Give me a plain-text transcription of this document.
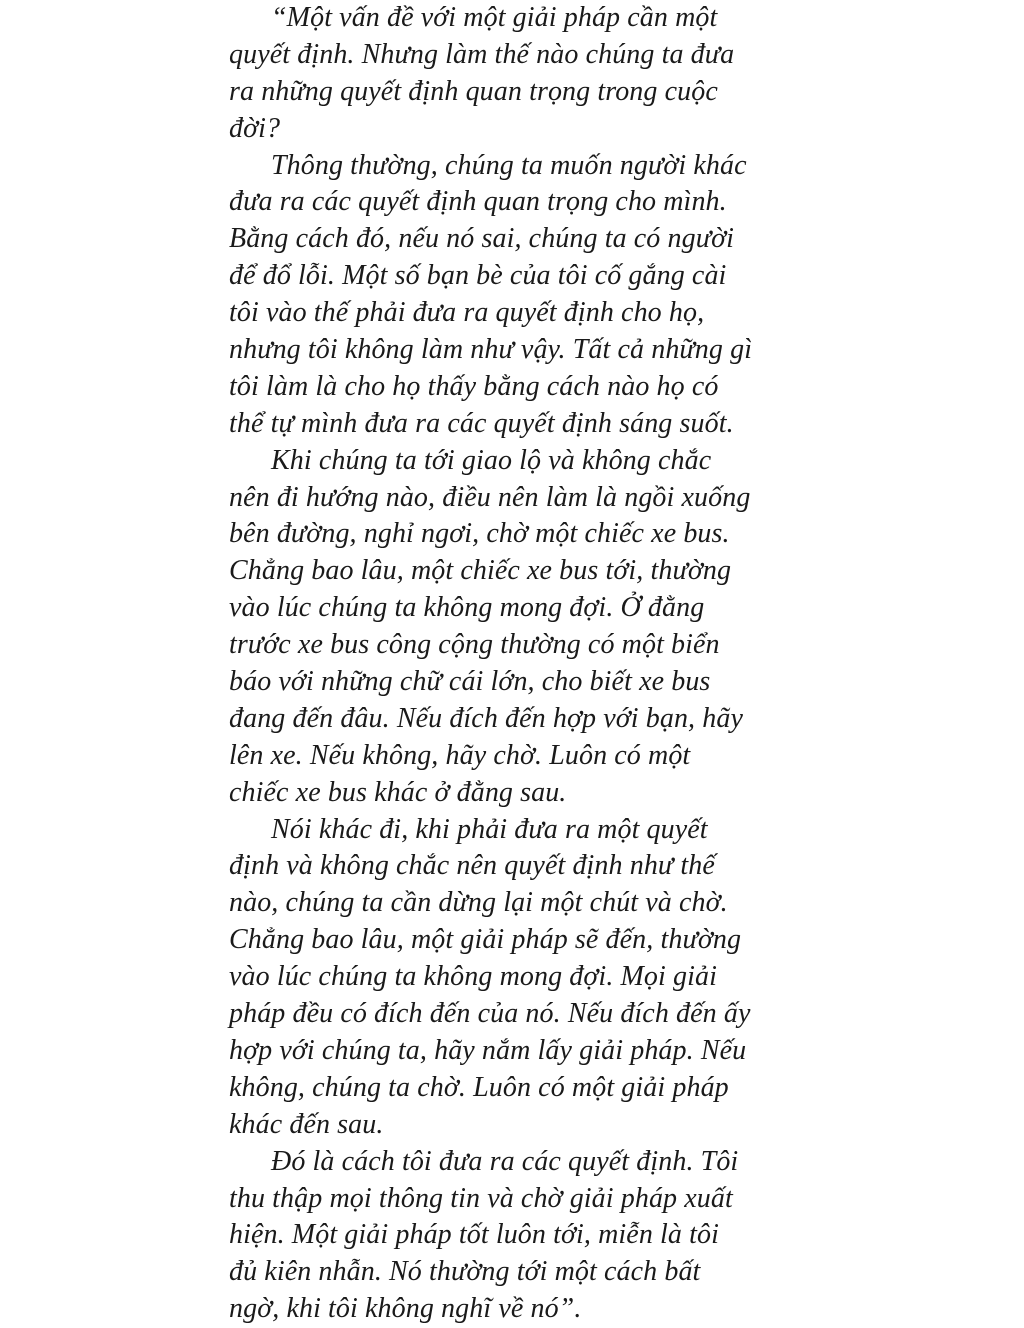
“Một vấn đề với một giải pháp cần một
quyết định. Nhưng làm thế nào chúng ta đưa
ra những quyết định quan trọng trong cuộc
đời?
Thông thường, chúng ta muốn người khác
đưa ra các quyết định quan trọng cho mình.
Bằng cách đó, nếu nó sai, chúng ta có người
để đổ lỗi. Một số bạn bè của tôi cố gắng cài
tôi vào thế phải đưa ra quyết định cho họ,
nhưng tôi không làm như vậy. Tất cả những gì
tôi làm là cho họ thấy bằng cách nào họ có
thể tự mình đưa ra các quyết định sáng suốt.
Khi chúng ta tới giao lộ và không chắc
nên đi hướng nào, điều nên làm là ngồi xuống
bên đường, nghỉ ngơi, chờ một chiếc xe bus.
Chẳng bao lâu, một chiếc xe bus tới, thường
vào lúc chúng ta không mong đợi. Ở đằng
trước xe bus công cộng thường có một biển
báo với những chữ cái lớn, cho biết xe bus
đang đến đâu. Nếu đích đến hợp với bạn, hãy
lên xe. Nếu không, hãy chờ. Luôn có một
chiếc xe bus khác ở đằng sau.
Nói khác đi, khi phải đưa ra một quyết
định và không chắc nên quyết định như thế
nào, chúng ta cần dừng lại một chút và chờ.
Chẳng bao lâu, một giải pháp sẽ đến, thường
vào lúc chúng ta không mong đợi. Mọi giải
pháp đều có đích đến của nó. Nếu đích đến ấy
hợp với chúng ta, hãy nắm lấy giải pháp. Nếu
không, chúng ta chờ. Luôn có một giải pháp
khác đến sau.
Đó là cách tôi đưa ra các quyết định. Tôi
thu thập mọi thông tin và chờ giải pháp xuất
hiện. Một giải pháp tốt luôn tới, miễn là tôi
đủ kiên nhẫn. Nó thường tới một cách bất
ngờ, khi tôi không nghĩ về nó”.
